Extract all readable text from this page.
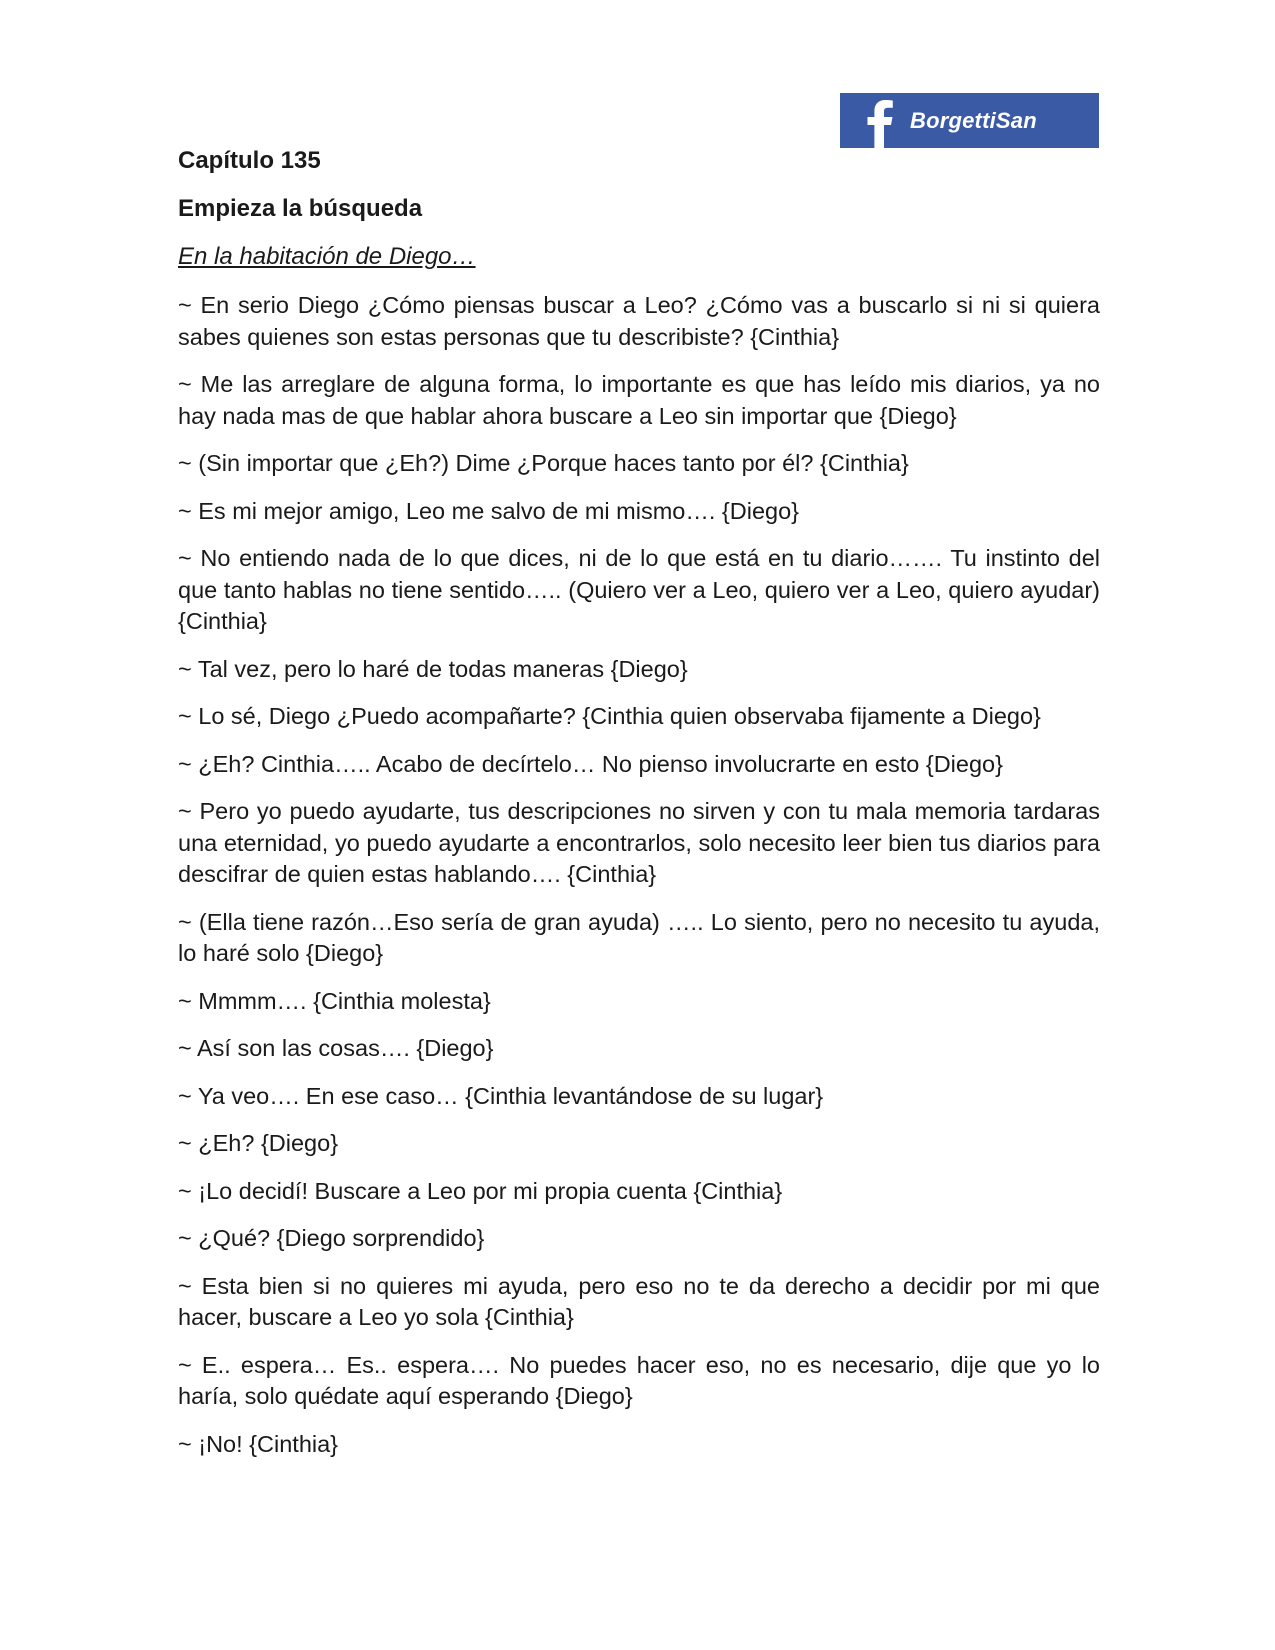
BorgettiSan
Capítulo 135
Empieza la búsqueda
En la habitación de Diego…

~ En serio Diego ¿Cómo piensas buscar a Leo? ¿Cómo vas a buscarlo si ni si quiera sabes quienes son estas personas que tu describiste? {Cinthia}

~ Me las arreglare de alguna forma, lo importante es que has leído mis diarios, ya no hay nada mas de que hablar ahora buscare a Leo sin importar que {Diego}

~ (Sin importar que ¿Eh?) Dime ¿Porque haces tanto por él? {Cinthia}

~ Es mi mejor amigo, Leo me salvo de mi mismo…. {Diego}

~ No entiendo nada de lo que dices, ni de lo que está en tu diario……. Tu instinto del que tanto hablas no tiene sentido….. (Quiero ver a Leo, quiero ver a Leo, quiero ayudar) {Cinthia}

~ Tal vez, pero lo haré de todas maneras {Diego}

~ Lo sé, Diego ¿Puedo acompañarte? {Cinthia quien observaba fijamente a Diego}

~ ¿Eh? Cinthia….. Acabo de decírtelo… No pienso involucrarte en esto {Diego}

~ Pero yo puedo ayudarte, tus descripciones no sirven y con tu mala memoria tardaras una eternidad, yo puedo ayudarte a encontrarlos, solo necesito leer bien tus diarios para descifrar de quien estas hablando…. {Cinthia}

~ (Ella tiene razón…Eso sería de gran ayuda) ….. Lo siento, pero no necesito tu ayuda, lo haré solo {Diego}

~ Mmmm…. {Cinthia molesta}

~ Así son las cosas…. {Diego}

~ Ya veo…. En ese caso… {Cinthia levantándose de su lugar}

~ ¿Eh? {Diego}

~ ¡Lo decidí! Buscare a Leo por mi propia cuenta {Cinthia}

~ ¿Qué? {Diego sorprendido}

~ Esta bien si no quieres mi ayuda, pero eso no te da derecho a decidir por mi que hacer, buscare a Leo yo sola {Cinthia}

~ E.. espera… Es.. espera…. No puedes hacer eso, no es necesario, dije que yo lo haría, solo quédate aquí esperando {Diego}

~ ¡No! {Cinthia}
